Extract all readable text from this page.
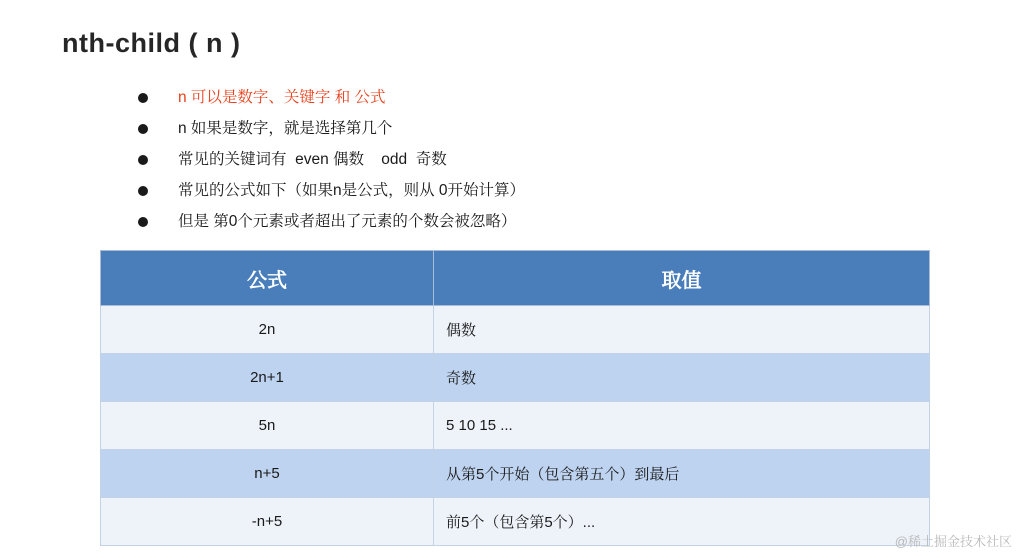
nth-child ( n )
n 可以是数字、关键字 和 公式
n 如果是数字，就是选择第几个
常见的关键词有  even 偶数    odd  奇数
常见的公式如下（如果n是公式，则从 0开始计算）
但是 第0个元素或者超出了元素的个数会被忽略）
公式	取值
2n	偶数
2n+1	奇数
5n	5 10 15 ...
n+5	从第5个开始（包含第五个）到最后
-n+5	前5个（包含第5个）...
@稀土掘金技术社区
